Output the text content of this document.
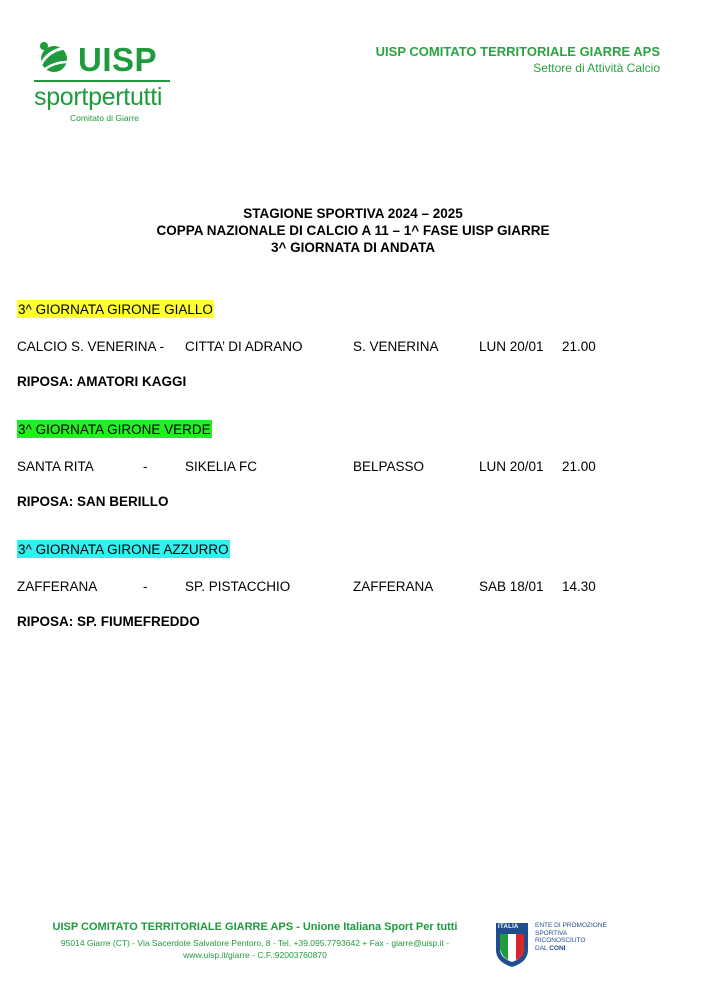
UISP
sportpertutti
Comitato di Giarre
UISP COMITATO TERRITORIALE GIARRE APS
Settore di Attività Calcio
STAGIONE SPORTIVA 2024 – 2025
COPPA NAZIONALE DI CALCIO A 11 – 1^ FASE UISP GIARRE
3^ GIORNATA DI ANDATA
3^ GIORNATA GIRONE GIALLO
CALCIO S. VENERINA - CITTA’ DI ADRANO	S. VENERINA	LUN 20/01 21.00
RIPOSA: AMATORI KAGGI
3^ GIORNATA GIRONE VERDE
SANTA RITA	-	SIKELIA FC	BELPASSO	LUN 20/01 21.00
RIPOSA: SAN BERILLO
3^ GIORNATA GIRONE AZZURRO
ZAFFERANA	-	SP. PISTACCHIO	ZAFFERANA	SAB 18/01 14.30
RIPOSA: SP. FIUMEFREDDO
UISP COMITATO TERRITORIALE GIARRE APS - Unione Italiana Sport Per tutti
95014 Giarre (CT) - Via Sacerdote Salvatore Pentoro, 8 - Tel. +39.095.7793642 + Fax - giarre@uisp.it - www.uisp.it/giarre - C.F.:92003760870
ITALIA	ENTE DI PROMOZIONE
SPORTIVA
RICONOSCIUTO
DAL CONI
